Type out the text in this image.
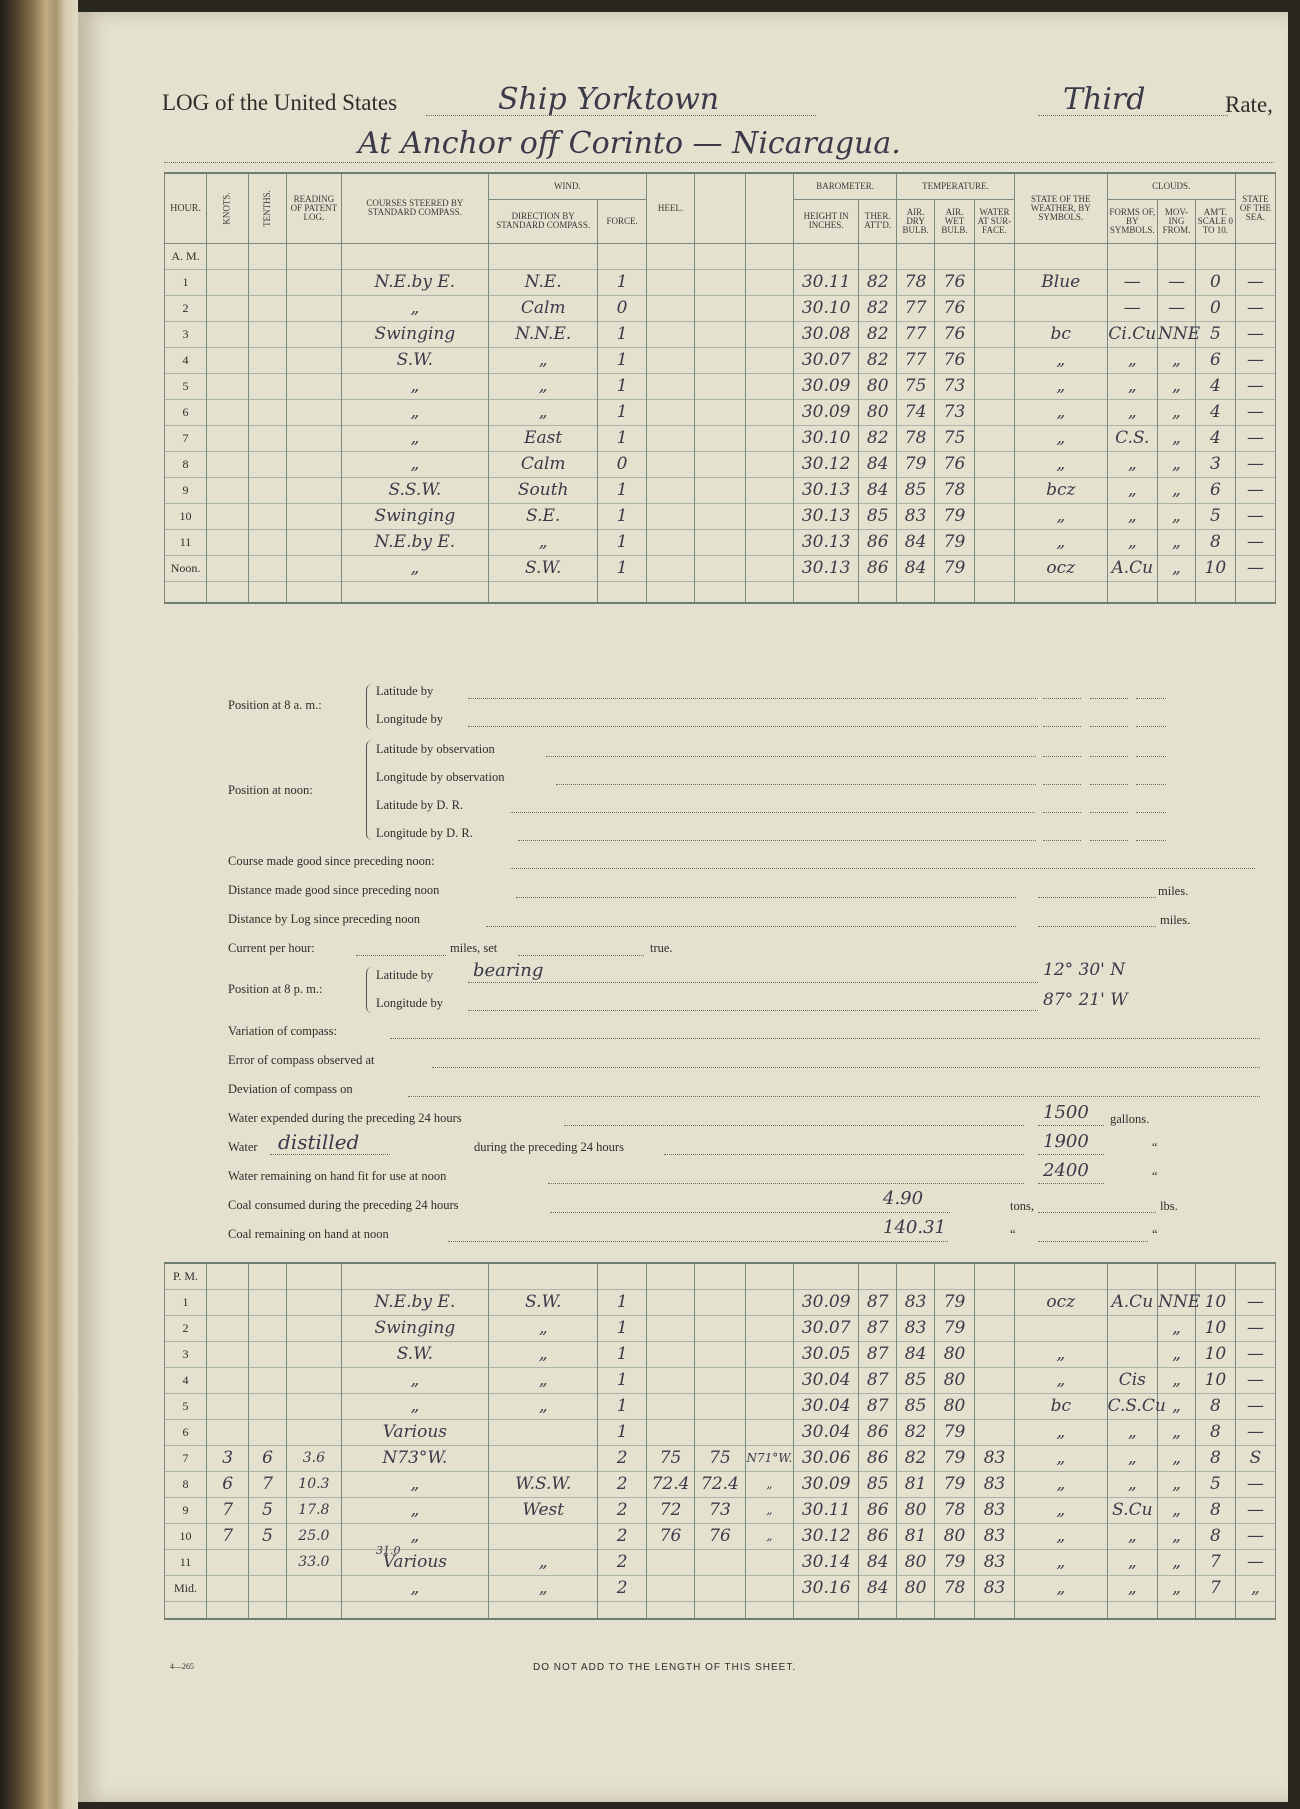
LOG of the United States	Ship Yorktown	Third	Rate,
At Anchor off Corinto — Nicaragua.
HOUR.	KNOTS.	TENTHS.	READING OF PATENT LOG.	COURSES STEERED BY STANDARD COMPASS.	WIND.		HEEL.			BAROMETER.		TEMPERATURE.			STATE OF THE WEATHER, BY SYMBOLS.	CLOUDS.			STATE OF THE SEA.
					DIRECTION BY STANDARD COMPASS.	FORCE.				HEIGHT IN INCHES.	THER. ATT'D.	AIR. DRY BULB.	AIR. WET BULB.	WATER AT SUR-FACE.		FORMS OF, BY SYMBOLS.	MOV-ING FROM.	AM'T. SCALE 0 TO 10.	
A. M.																			
1				N.E.by E.	N.E.	1				30.11	82	78	76		Blue	—	—	0	—
2				„	Calm	0				30.10	82	77	76			—	—	0	—
3				Swinging	N.N.E.	1				30.08	82	77	76		bc	Ci.Cu	NNE	5	—
4				S.W.	„	1				30.07	82	77	76		„	„	„	6	—
5				„	„	1				30.09	80	75	73		„	„	„	4	—
6				„	„	1				30.09	80	74	73		„	„	„	4	—
7				„	East	1				30.10	82	78	75		„	C.S.	„	4	—
8				„	Calm	0				30.12	84	79	76		„	„	„	3	—
9				S.S.W.	South	1				30.13	84	85	78		bcz	„	„	6	—
10				Swinging	S.E.	1				30.13	85	83	79		„	„	„	5	—
11				N.E.by E.	„	1				30.13	86	84	79		„	„	„	8	—
Noon.				„	S.W.	1				30.13	86	84	79		ocz	A.Cu	„	10	—

Position at 8 a. m.:
Latitude by
Longitude by
Position at noon:
Latitude by observation
Longitude by observation
Latitude by D. R.
Longitude by D. R.
Course made good since preceding noon:
Distance made good since preceding noon	miles.
Distance by Log since preceding noon	miles.
Current per hour:	miles, set	true.
Position at 8 p. m.:
Latitude by bearing	12° 30' N
Longitude by	87° 21' W
Variation of compass:
Error of compass observed at
Deviation of compass on
Water expended during the preceding 24 hours	1500 gallons.
Water distilled	during the preceding 24 hours	1900	“
Water remaining on hand fit for use at noon	2400	“
Coal consumed during the preceding 24 hours	4.90	tons,	lbs.
Coal remaining on hand at noon	140.31	“	“
P. M.																			
1				N.E.by E.	S.W.	1				30.09	87	83	79		ocz	A.Cu	NNE	10	—
2				Swinging	„	1				30.07	87	83	79				„	10	—
3				S.W.	„	1				30.05	87	84	80		„		„	10	—
4				„	„	1				30.04	87	85	80		„	Cis	„	10	—
5				„	„	1				30.04	87	85	80		bc	C.S.Cu	„	8	—
6				Various		1				30.04	86	82	79		„	„	„	8	—
7	3	6	3.6	N73°W.		2	75	75	N71°W.	30.06	86	82	79	83	„	„	„	8	S
8	6	7	10.3	„	W.S.W.	2	72.4	72.4	„	30.09	85	81	79	83	„	„	„	5	—
9	7	5	17.8	„	West	2	72	73	„	30.11	86	80	78	83	„	S.Cu	„	8	—
10	7	5	25.0	„		2	76	76	„	30.12	86	81	80	83	„	„	„	8	—
11			33.0	Various	„	2				30.14	84	80	79	83	„	„	„	7	—
Mid.				„	„	2				30.16	84	80	78	83	„	„	„	7	„

31.0
4—265	DO NOT ADD TO THE LENGTH OF THIS SHEET.
